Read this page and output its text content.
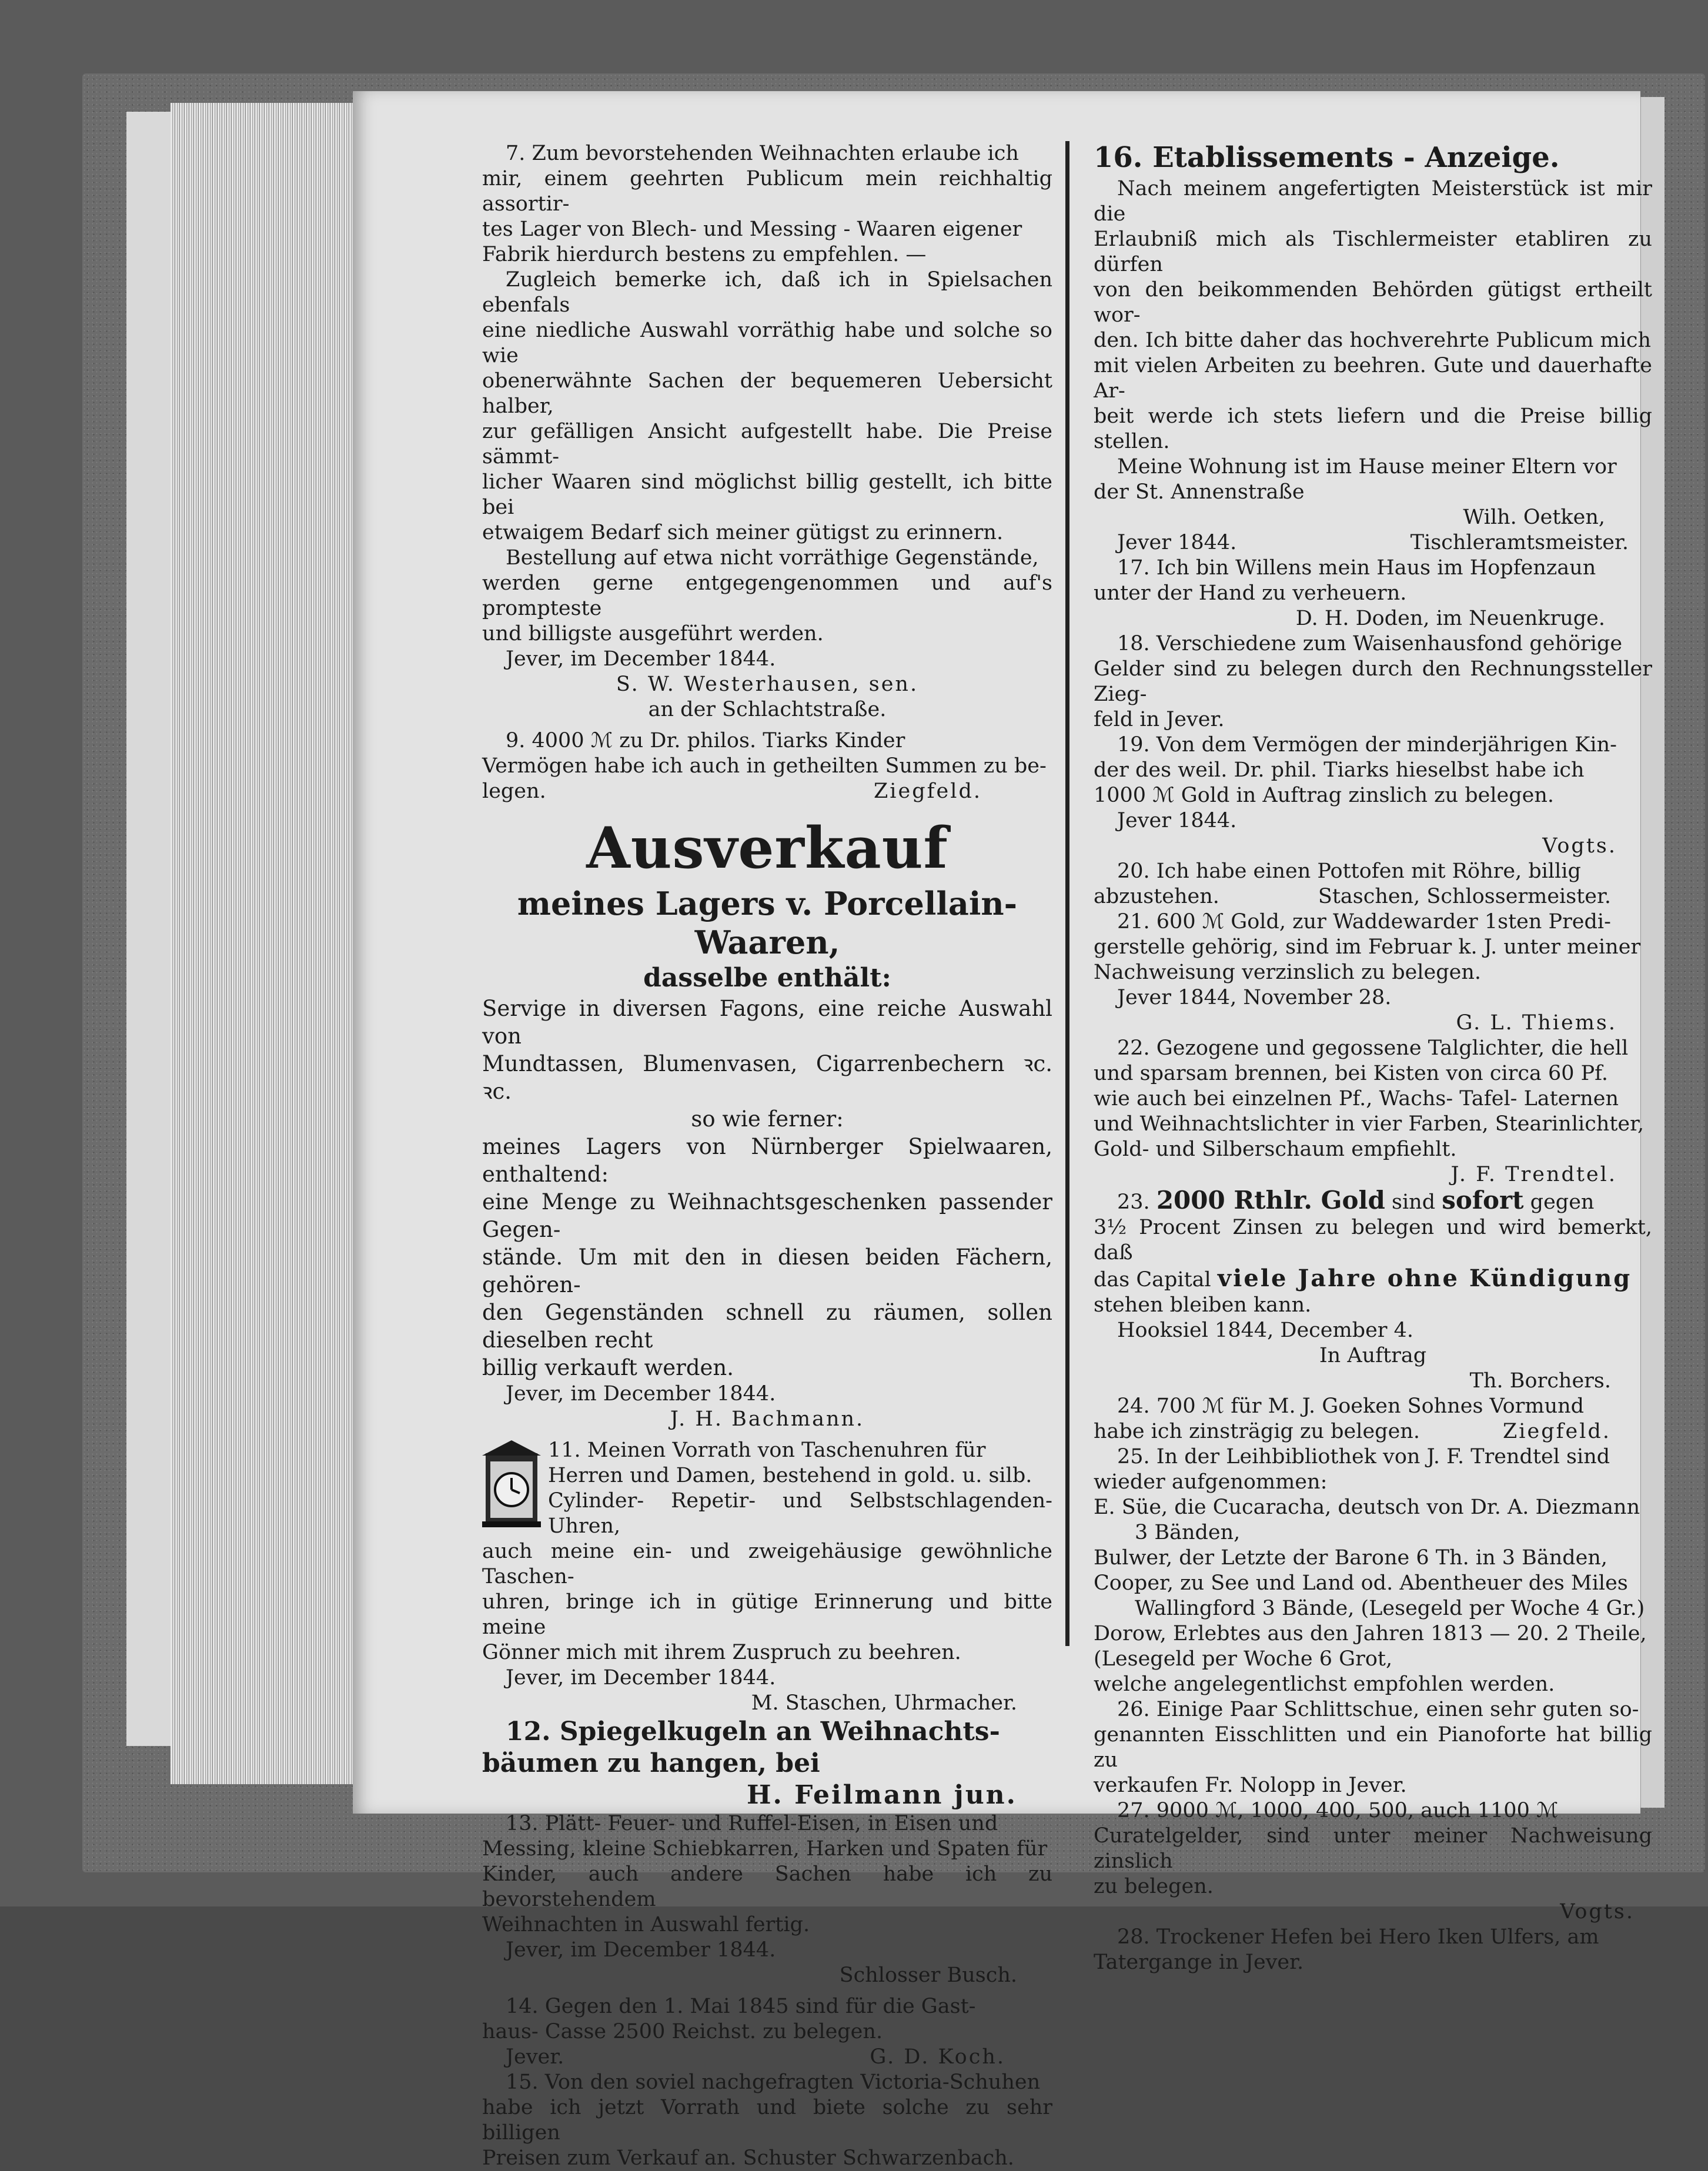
7. Zum bevorstehenden Weihnachten erlaube ich

mir, einem geehrten Publicum mein reichhaltig assortir-

tes Lager von Blech- und Messing - Waaren eigener

Fabrik hierdurch bestens zu empfehlen. —

Zugleich bemerke ich, daß ich in Spielsachen ebenfals

eine niedliche Auswahl vorräthig habe und solche so wie

obenerwähnte Sachen der bequemeren Uebersicht halber,

zur gefälligen Ansicht aufgestellt habe. Die Preise sämmt-

licher Waaren sind möglichst billig gestellt, ich bitte bei

etwaigem Bedarf sich meiner gütigst zu erinnern.

Bestellung auf etwa nicht vorräthige Gegenstände,

werden gerne entgegengenommen und auf's prompteste

und billigste ausgeführt werden.

Jever, im December 1844.

S. W. Westerhausen, sen.

an der Schlachtstraße.

9. 4000 ℳ zu Dr. philos. Tiarks Kinder

Vermögen habe ich auch in getheilten Summen zu be-

legen.	Ziegfeld.

Ausverkauf

meines Lagers v. Porcellain-Waaren,

dasselbe enthält:

Servige in diversen Fagons, eine reiche Auswahl von

Mundtassen, Blumenvasen, Cigarrenbechern ꝛc. ꝛc.

so wie ferner:

meines Lagers von Nürnberger Spielwaaren, enthaltend:

eine Menge zu Weihnachtsgeschenken passender Gegen-

stände. Um mit den in diesen beiden Fächern, gehören-

den Gegenständen schnell zu räumen, sollen dieselben recht

billig verkauft werden.

Jever, im December 1844.

J. H. Bachmann.

11. Meinen Vorrath von Taschenuhren für

Herren und Damen, bestehend in gold. u. silb.

Cylinder- Repetir- und Selbstschlagenden-Uhren,

auch meine ein- und zweigehäusige gewöhnliche Taschen-

uhren, bringe ich in gütige Erinnerung und bitte meine

Gönner mich mit ihrem Zuspruch zu beehren.

Jever, im December 1844.

M. Staschen, Uhrmacher.

12. Spiegelkugeln an Weihnachts-

bäumen zu hangen, bei

H. Feilmann jun.

13. Plätt- Feuer- und Ruffel-Eisen, in Eisen und

Messing, kleine Schiebkarren, Harken und Spaten für

Kinder, auch andere Sachen habe ich zu bevorstehendem

Weihnachten in Auswahl fertig.

Jever, im December 1844.

Schlosser Busch.

14. Gegen den 1. Mai 1845 sind für die Gast-

haus- Casse 2500 Reichst. zu belegen.

Jever.	G. D. Koch.

15. Von den soviel nachgefragten Victoria-Schuhen

habe ich jetzt Vorrath und biete solche zu sehr billigen

Preisen zum Verkauf an. Schuster Schwarzenbach.

16. Etablissements - Anzeige.

Nach meinem angefertigten Meisterstück ist mir die

Erlaubniß mich als Tischlermeister etabliren zu dürfen

von den beikommenden Behörden gütigst ertheilt wor-

den. Ich bitte daher das hochverehrte Publicum mich

mit vielen Arbeiten zu beehren. Gute und dauerhafte Ar-

beit werde ich stets liefern und die Preise billig stellen.

Meine Wohnung ist im Hause meiner Eltern vor

der St. Annenstraße

Wilh. Oetken,

Jever 1844.	Tischleramtsmeister.

17. Ich bin Willens mein Haus im Hopfenzaun

unter der Hand zu verheuern.

D. H. Doden, im Neuenkruge.

18. Verschiedene zum Waisenhausfond gehörige

Gelder sind zu belegen durch den Rechnungssteller Zieg-

feld in Jever.

19. Von dem Vermögen der minderjährigen Kin-

der des weil. Dr. phil. Tiarks hieselbst habe ich

1000 ℳ Gold in Auftrag zinslich zu belegen.

Jever 1844.

Vogts.

20. Ich habe einen Pottofen mit Röhre, billig

abzustehen.	Staschen, Schlossermeister.

21. 600 ℳ Gold, zur Waddewarder 1sten Predi-

gerstelle gehörig, sind im Februar k. J. unter meiner

Nachweisung verzinslich zu belegen.

Jever 1844, November 28.

G. L. Thiems.

22. Gezogene und gegossene Talglichter, die hell

und sparsam brennen, bei Kisten von circa 60 Pf.

wie auch bei einzelnen Pf., Wachs- Tafel- Laternen

und Weihnachtslichter in vier Farben, Stearinlichter,

Gold- und Silberschaum empfiehlt.

J. F. Trendtel.

23. 2000 Rthlr. Gold sind sofort gegen

3½ Procent Zinsen zu belegen und wird bemerkt, daß

das Capital viele Jahre ohne Kündigung

stehen bleiben kann.

Hooksiel 1844, December 4.

In Auftrag

Th. Borchers.

24. 700 ℳ für M. J. Goeken Sohnes Vormund

habe ich zinsträgig zu belegen.	Ziegfeld.

25. In der Leihbibliothek von J. F. Trendtel sind

wieder aufgenommen:

E. Süe, die Cucaracha, deutsch von Dr. A. Diezmann

3 Bänden,

Bulwer, der Letzte der Barone 6 Th. in 3 Bänden,

Cooper, zu See und Land od. Abentheuer des Miles

Wallingford 3 Bände, (Lesegeld per Woche 4 Gr.)

Dorow, Erlebtes aus den Jahren 1813 — 20. 2 Theile,

(Lesegeld per Woche 6 Grot,

welche angelegentlichst empfohlen werden.

26. Einige Paar Schlittschue, einen sehr guten so-

genannten Eisschlitten und ein Pianoforte hat billig zu

verkaufen Fr. Nolopp in Jever.

27. 9000 ℳ, 1000, 400, 500, auch 1100 ℳ

Curatelgelder, sind unter meiner Nachweisung zinslich

zu belegen.

Vogts.

28. Trockener Hefen bei Hero Iken Ulfers, am

Tatergange in Jever.
